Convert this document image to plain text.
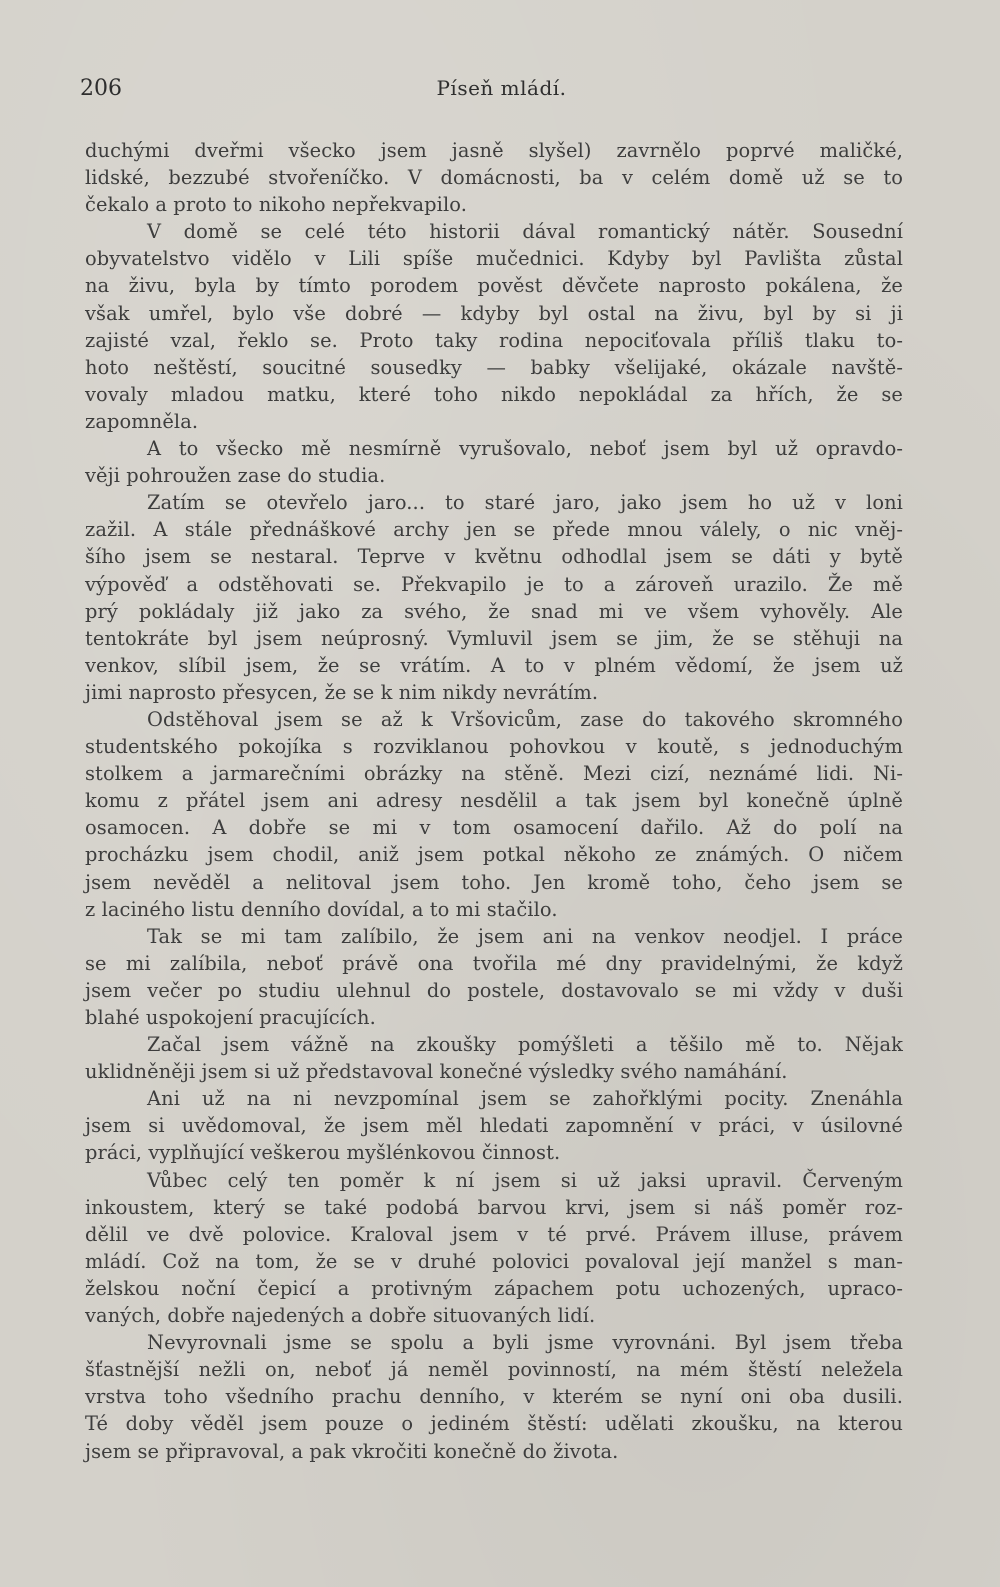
206	Píseň mládí.
duchými dveřmi všecko jsem jasně slyšel) zavrnělo poprvé maličké,
lidské, bezzubé stvořeníčko. V domácnosti, ba v celém domě už se to
čekalo a proto to nikoho nepřekvapilo.
V domě se celé této historii dával romantický nátěr. Sousední
obyvatelstvo vidělo v Lili spíše mučednici. Kdyby byl Pavlišta zůstal
na živu, byla by tímto porodem pověst děvčete naprosto pokálena, že
však umřel, bylo vše dobré — kdyby byl ostal na živu, byl by si ji
zajisté vzal, řeklo se. Proto taky rodina nepociťovala příliš tlaku to-
hoto neštěstí, soucitné sousedky — babky všelijaké, okázale navště-
vovaly mladou matku, které toho nikdo nepokládal za hřích, že se
zapomněla.
A to všecko mě nesmírně vyrušovalo, neboť jsem byl už opravdo-
věji pohroužen zase do studia.
Zatím se otevřelo jaro... to staré jaro, jako jsem ho už v loni
zažil. A stále přednáškové archy jen se přede mnou válely, o nic vněj-
šího jsem se nestaral. Teprve v květnu odhodlal jsem se dáti y bytě
výpověď a odstěhovati se. Překvapilo je to a zároveň urazilo. Že mě
prý pokládaly již jako za svého, že snad mi ve všem vyhověly. Ale
tentokráte byl jsem neúprosný. Vymluvil jsem se jim, že se stěhuji na
venkov, slíbil jsem, že se vrátím. A to v plném vědomí, že jsem už
jimi naprosto přesycen, že se k nim nikdy nevrátím.
Odstěhoval jsem se až k Vršovicům, zase do takového skromného
studentského pokojíka s rozviklanou pohovkou v koutě, s jednoduchým
stolkem a jarmarečními obrázky na stěně. Mezi cizí, neznámé lidi. Ni-
komu z přátel jsem ani adresy nesdělil a tak jsem byl konečně úplně
osamocen. A dobře se mi v tom osamocení dařilo. Až do polí na
procházku jsem chodil, aniž jsem potkal někoho ze známých. O ničem
jsem nevěděl a nelitoval jsem toho. Jen kromě toho, čeho jsem se
z laciného listu denního dovídal, a to mi stačilo.
Tak se mi tam zalíbilo, že jsem ani na venkov neodjel. I práce
se mi zalíbila, neboť právě ona tvořila mé dny pravidelnými, že když
jsem večer po studiu ulehnul do postele, dostavovalo se mi vždy v duši
blahé uspokojení pracujících.
Začal jsem vážně na zkoušky pomýšleti a těšilo mě to. Nějak
uklidněněji jsem si už představoval konečné výsledky svého namáhání.
Ani už na ni nevzpomínal jsem se zahořklými pocity. Znenáhla
jsem si uvědomoval, že jsem měl hledati zapomnění v práci, v úsilovné
práci, vyplňující veškerou myšlénkovou činnost.
Vůbec celý ten poměr k ní jsem si už jaksi upravil. Červeným
inkoustem, který se také podobá barvou krvi, jsem si náš poměr roz-
dělil ve dvě polovice. Kraloval jsem v té prvé. Právem illuse, právem
mládí. Což na tom, že se v druhé polovici povaloval její manžel s man-
želskou noční čepicí a protivným zápachem potu uchozených, upraco-
vaných, dobře najedených a dobře situovaných lidí.
Nevyrovnali jsme se spolu a byli jsme vyrovnáni. Byl jsem třeba
šťastnější nežli on, neboť já neměl povinností, na mém štěstí neležela
vrstva toho všedního prachu denního, v kterém se nyní oni oba dusili.
Té doby věděl jsem pouze o jediném štěstí: udělati zkoušku, na kterou
jsem se připravoval, a pak vkročiti konečně do života.
